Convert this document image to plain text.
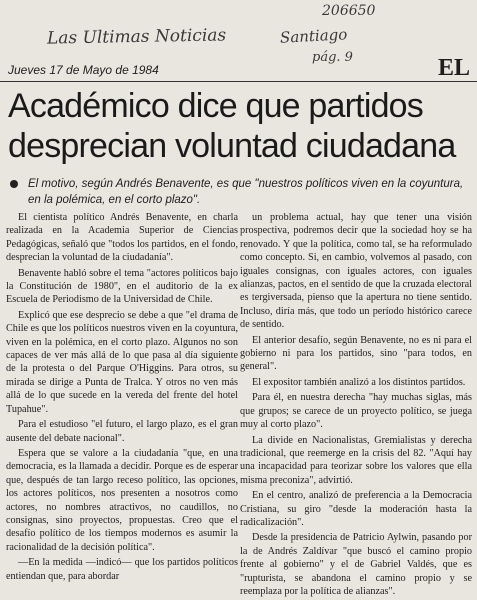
206650
Las Ultimas Noticias	Santiago
pág. 9
Jueves 17 de Mayo de 1984	EL
Académico dice que partidos
desprecian voluntad ciudadana
El motivo, según Andrés Benavente, es que "nuestros políticos viven en la coyuntura, en la polémica, en el corto plazo".

El cientista político Andrés Benavente, en charla realizada en la Academia Superior de Ciencias Pedagógicas, señaló que "todos los partidos, en el fondo, desprecian la voluntad de la ciudadanía".

Benavente habló sobre el tema "actores políticos bajo la Constitución de 1980", en el auditorio de la ex Escuela de Periodismo de la Universidad de Chile.

Explicó que ese desprecio se debe a que "el drama de Chile es que los políticos nuestros viven en la coyuntura, viven en la polémica, en el corto plazo. Algunos no son capaces de ver más allá de lo que pasa al día siguiente de la protesta o del Parque O'Higgins. Para otros, su mirada se dirige a Punta de Tralca. Y otros no ven más allá de lo que sucede en la vereda del frente del hotel Tupahue".

Para el estudioso "el futuro, el largo plazo, es el gran ausente del debate nacional".

Espera que se valore a la ciudadanía "que, en una democracia, es la llamada a decidir. Porque es de esperar que, después de tan largo receso político, las opciones, los actores políticos, nos presenten a nosotros como actores, no nombres atractivos, no caudillos, no consignas, sino proyectos, propuestas. Creo que el desafío político de los tiempos modernos es asumir la racionalidad de la decisión política".

—En la medida —indicó— que los partidos políticos entiendan que, para abordar

un problema actual, hay que tener una visión prospectiva, podremos decir que la sociedad hoy se ha renovado. Y que la política, como tal, se ha reformulado como concepto. Si, en cambio, volvemos al pasado, con iguales consignas, con iguales actores, con iguales alianzas, pactos, en el sentido de que la cruzada electoral es tergiversada, pienso que la apertura no tiene sentido. Incluso, diría más, que todo un período histórico carece de sentido.

El anterior desafío, según Benavente, no es ni para el gobierno ni para los partidos, sino "para todos, en general".

El expositor también analizó a los distintos partidos.

Para él, en nuestra derecha "hay muchas siglas, más que grupos; se carece de un proyecto político, se juega muy al corto plazo".

La divide en Nacionalistas, Gremialistas y derecha tradicional, que reemerge en la crisis del 82. "Aquí hay una incapacidad para teorizar sobre los valores que ella misma preconiza", advirtió.

En el centro, analizó de preferencia a la Democracia Cristiana, su giro "desde la moderación hasta la radicalización".

Desde la presidencia de Patricio Aylwin, pasando por la de Andrés Zaldívar "que buscó el camino propio frente al gobierno" y el de Gabriel Valdés, que es "rupturista, se abandona el camino propio y se reemplaza por la política de alianzas".
